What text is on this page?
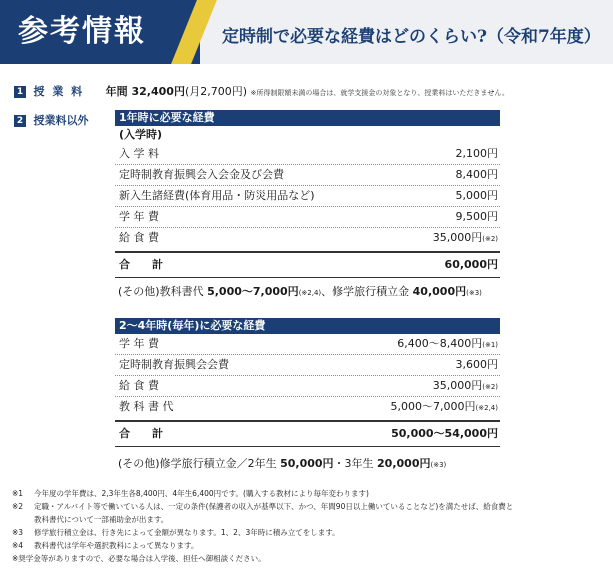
参考情報	定時制で必要な経費はどのくらい?（令和7年度）
1 授 業 料 年間 32,400円(月2,700円) ※所得制限額未満の場合は、就学支援金の対象となり、授業料はいただきません。
2 授業料以外	1年時に必要な経費
(入学時)
入 学 料	2,100円
定時制教育振興会入会金及び会費	8,400円
新入生諸経費(体育用品・防災用品など)	5,000円
学 年 費	9,500円
給 食 費	35,000円(※2)
合　　計	60,000円
(その他)教科書代 5,000〜7,000円(※2,4)、修学旅行積立金 40,000円(※3)
2〜4年時(毎年)に必要な経費
学 年 費	6,400〜8,400円(※1)
定時制教育振興会会費	3,600円
給 食 費	35,000円(※2)
教 科 書 代	5,000〜7,000円(※2,4)
合　　計	50,000〜54,000円
(その他)修学旅行積立金／2年生 50,000円・3年生 20,000円(※3)
※1 今年度の学年費は、2,3年生各8,400円、4年生6,400円です。(購入する教材により毎年変わります)
※2 定職・アルバイト等で働いている人は、一定の条件(保護者の収入が基準以下、かつ、年間90日以上働いていることなど)を満たせば、給食費と
教科書代について一部補助金が出ます。
※3 修学旅行積立金は、行き先によって金額が異なります。1、2、3年時に積み立てをします。
※4 教科書代は学年や選択教科によって異なります。
※奨学金等がありますので、必要な場合は入学後、担任へ御相談ください。
